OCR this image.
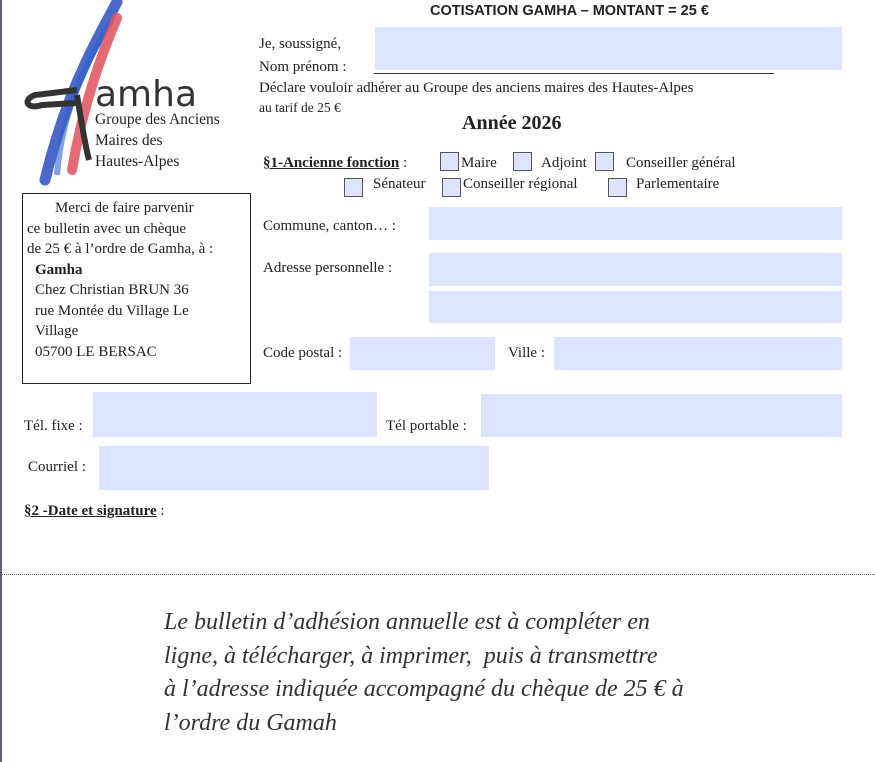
COTISATION GAMHA – MONTANT = 25 €
amha
Groupe des Anciens
Maires des
Hautes-Alpes
Je, soussigné,
Nom prénom :
Déclare vouloir adhérer au Groupe des anciens maires des Hautes-Alpes
au tarif de 25 €
Année 2026
§1-Ancienne fonction :	Maire	Adjoint	Conseiller général
Sénateur	Conseiller régional	Parlementaire
Merci de faire parvenir
ce bulletin avec un chèque
de 25 € à l’ordre de Gamha, à :
Gamha
Chez Christian BRUN 36
rue Montée du Village Le
Village
05700 LE BERSAC
Commune, canton… :
Adresse personnelle :
Code postal :	Ville :
Tél. fixe :	Tél portable :
Courriel :
§2 -Date et signature :
Le bulletin d’adhésion annuelle est à compléter en
ligne, à télécharger, à imprimer,  puis à transmettre
à l’adresse indiquée accompagné du chèque de 25 € à
l’ordre du Gamah
